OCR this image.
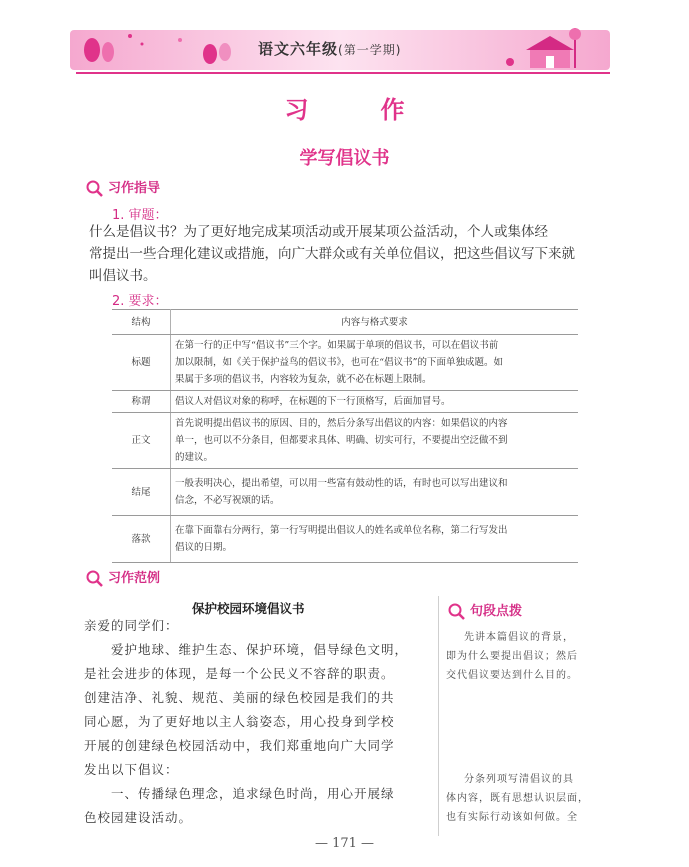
语文六年级(第一学期)
习　作
学写倡议书
习作指导
1. 审题：
什么是倡议书？为了更好地完成某项活动或开展某项公益活动，个人或集体经
常提出一些合理化建议或措施，向广大群众或有关单位倡议，把这些倡议写下来就
叫倡议书。
2. 要求：
结构	内容与格式要求
标题	在第一行的正中写“倡议书”三个字。如果属于单项的倡议书，可以在倡议书前
加以限制，如《关于保护益鸟的倡议书》，也可在“倡议书”的下面单独成题。如
果属于多项的倡议书，内容较为复杂，就不必在标题上限制。

称谓	倡议人对倡议对象的称呼，在标题的下一行顶格写，后面加冒号。

正文	首先说明提出倡议书的原因、目的，然后分条写出倡议的内容：如果倡议的内容
单一，也可以不分条目，但都要求具体、明确、切实可行，不要提出空泛做不到
的建议。

结尾	一般表明决心，提出希望，可以用一些富有鼓动性的话，有时也可以写出建议和
信念，不必写祝颂的话。

落款	在靠下面靠右分两行，第一行写明提出倡议人的姓名或单位名称，第二行写发出
倡议的日期。
习作范例
保护校园环境倡议书
亲爱的同学们：
　　爱护地球、维护生态、保护环境，倡导绿色文明，
是社会进步的体现，是每一个公民义不容辞的职责。
创建洁净、礼貌、规范、美丽的绿色校园是我们的共
同心愿，为了更好地以主人翁姿态，用心投身到学校
开展的创建绿色校园活动中，我们郑重地向广大同学
发出以下倡议：
　　一、传播绿色理念，追求绿色时尚，用心开展绿
色校园建设活动。
句段点拨
先讲本篇倡议的背景，
即为什么要提出倡议；然后
交代倡议要达到什么目的。
分条列项写清倡议的具
体内容，既有思想认识层面，
也有实际行动该如何做。全
— 171 —
